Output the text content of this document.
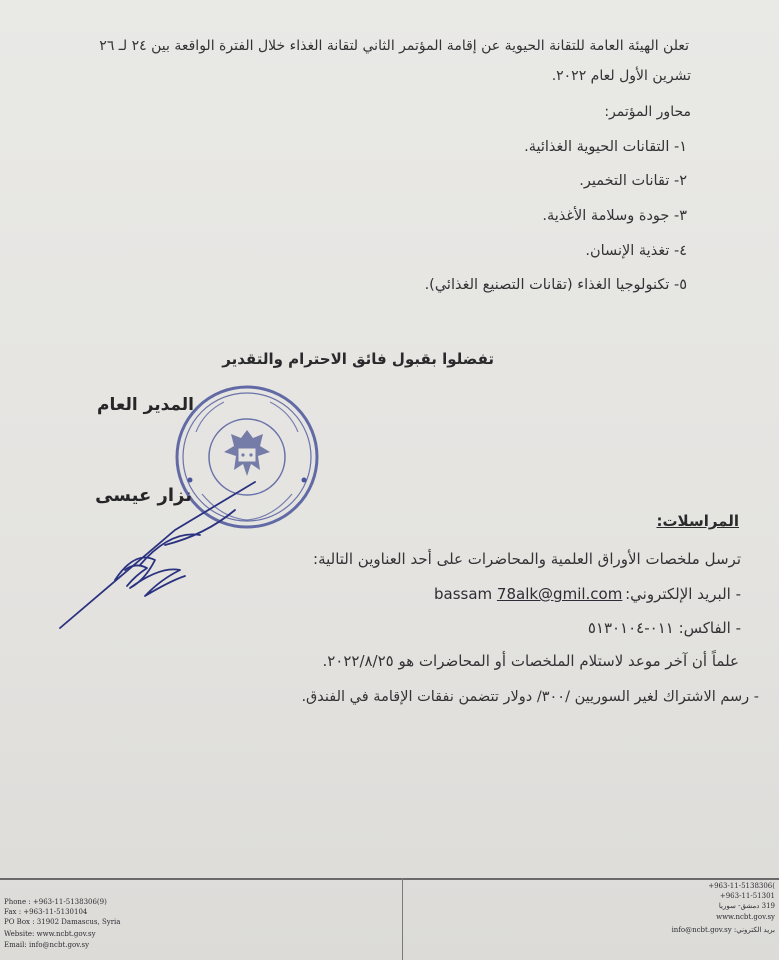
تعلن الهيئة العامة للتقانة الحيوية عن إقامة المؤتمر الثاني لتقانة الغذاء خلال الفترة الواقعة بين ٢٤ لـ ٢٦
تشرين الأول لعام ٢٠٢٢.
محاور المؤتمر:
١- التقانات الحيوية الغذائية.
٢- تقانات التخمير.
٣- جودة وسلامة الأغذية.
٤- تغذية الإنسان.
٥- تكنولوجيا الغذاء (تقانات التصنيع الغذائي).
تفضلوا بقبول فائق الاحترام والتقدير
المدير العام
نزار عيسى
المراسلات:
ترسل ملخصات الأوراق العلمية والمحاضرات على أحد العناوين التالية:
- البريد الإلكتروني:
bassam 78alk@gmil.com
- الفاكس: ٠١١-٥١٣٠١٠٤
علماً أن آخر موعد لاستلام الملخصات أو المحاضرات هو ٢٠٢٢/٨/٢٥.
- رسم الاشتراك لغير السوريين /٣٠٠/ دولار تتضمن نفقات الإقامة في الفندق.
Phone : +963-11-5138306(9)
Fax : +963-11-5130104
PO Box : 31902 Damascus, Syria
Website: www.ncbt.gov.sy
Email: info@ncbt.gov.sy
+963-11-5138306(
+963-11-51301
319 دمشق- سوريا
www.ncbt.gov.sy
info@ncbt.gov.sy :بريد الكتروني
